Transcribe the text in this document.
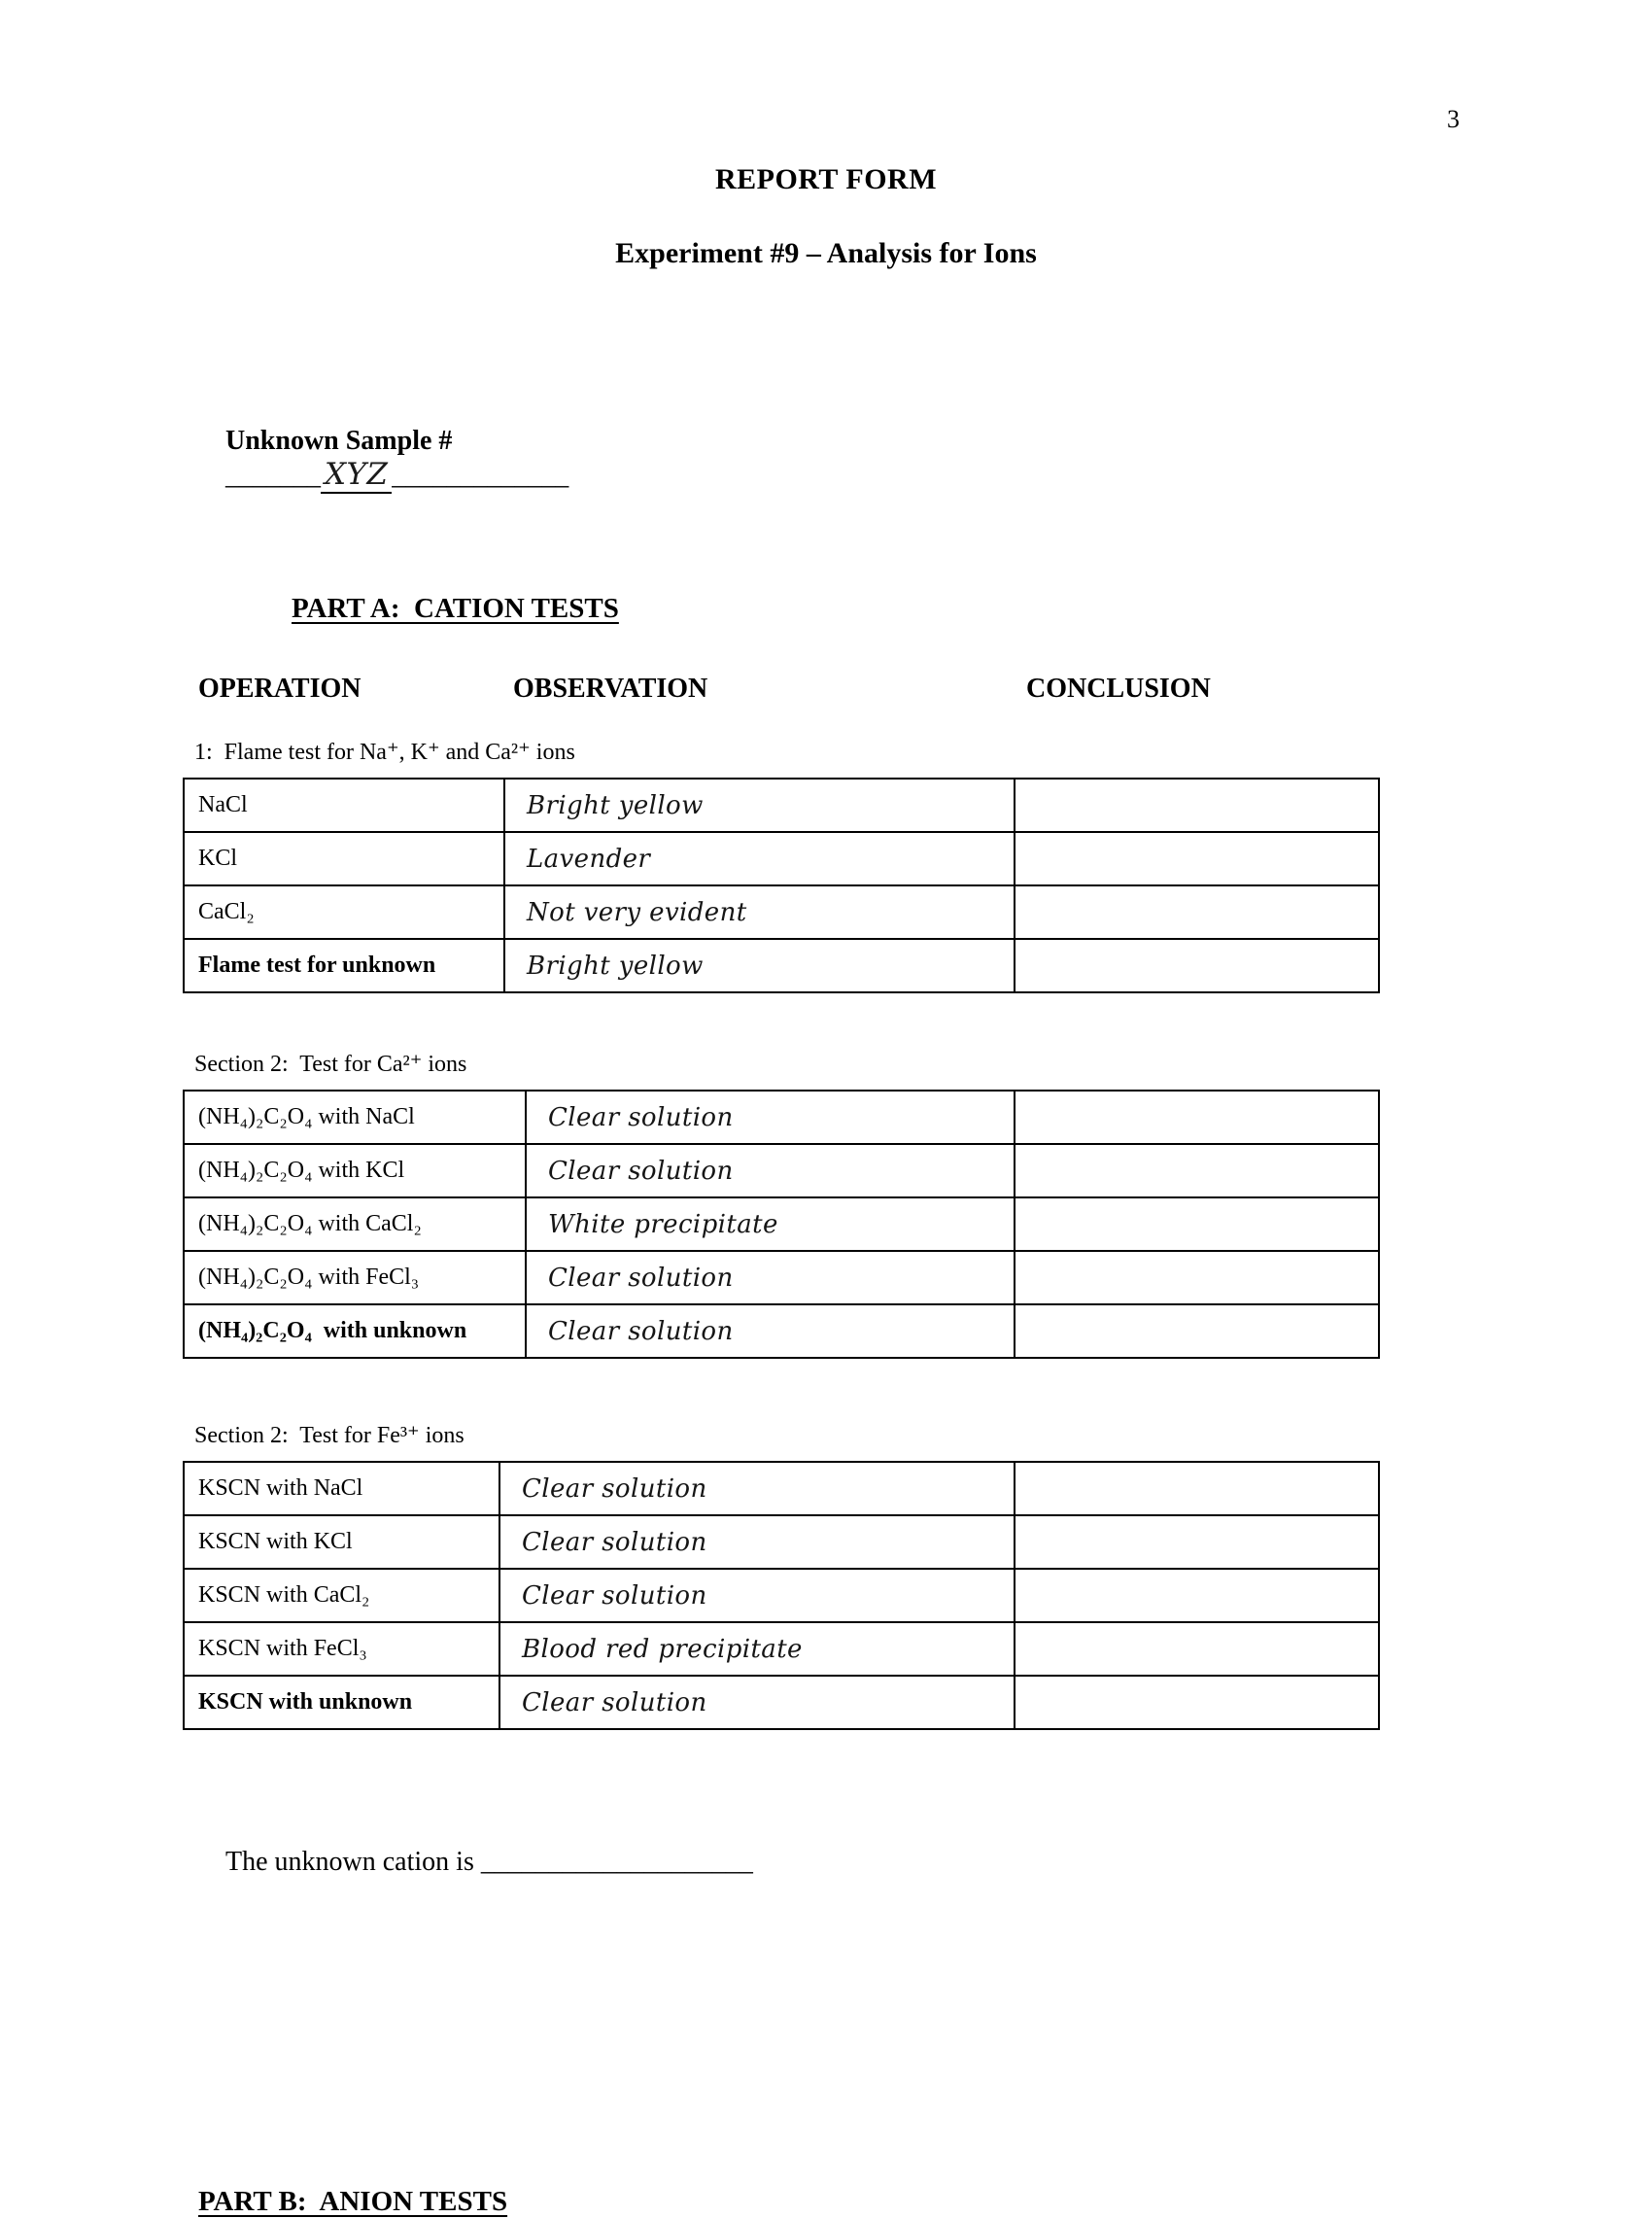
3
REPORT FORM
Experiment #9 – Analysis for Ions

Unknown Sample #
_______ XYZ _____________

PART A:  CATION TESTS
OPERATION	OBSERVATION	CONCLUSION
1:  Flame test for Na⁺, K⁺ and Ca²⁺ ions
NaCl	Bright yellow	
KCl	Lavender	
CaCl₂	Not very evident	
Flame test for unknown	Bright yellow	
Section 2:  Test for Ca²⁺ ions
(NH₄)₂C₂O₄ with NaCl	Clear solution	
(NH₄)₂C₂O₄ with KCl	Clear solution	
(NH₄)₂C₂O₄ with CaCl₂	White precipitate	
(NH₄)₂C₂O₄ with FeCl₃	Clear solution	
(NH₄)₂C₂O₄  with unknown	Clear solution	
Section 2:  Test for Fe³⁺ ions
KSCN with NaCl	Clear solution	
KSCN with KCl	Clear solution	
KSCN with CaCl₂	Clear solution	
KSCN with FeCl₃	Blood red precipitate	
KSCN with unknown	Clear solution	

The unknown cation is ____________________

PART B:  ANION TESTS
